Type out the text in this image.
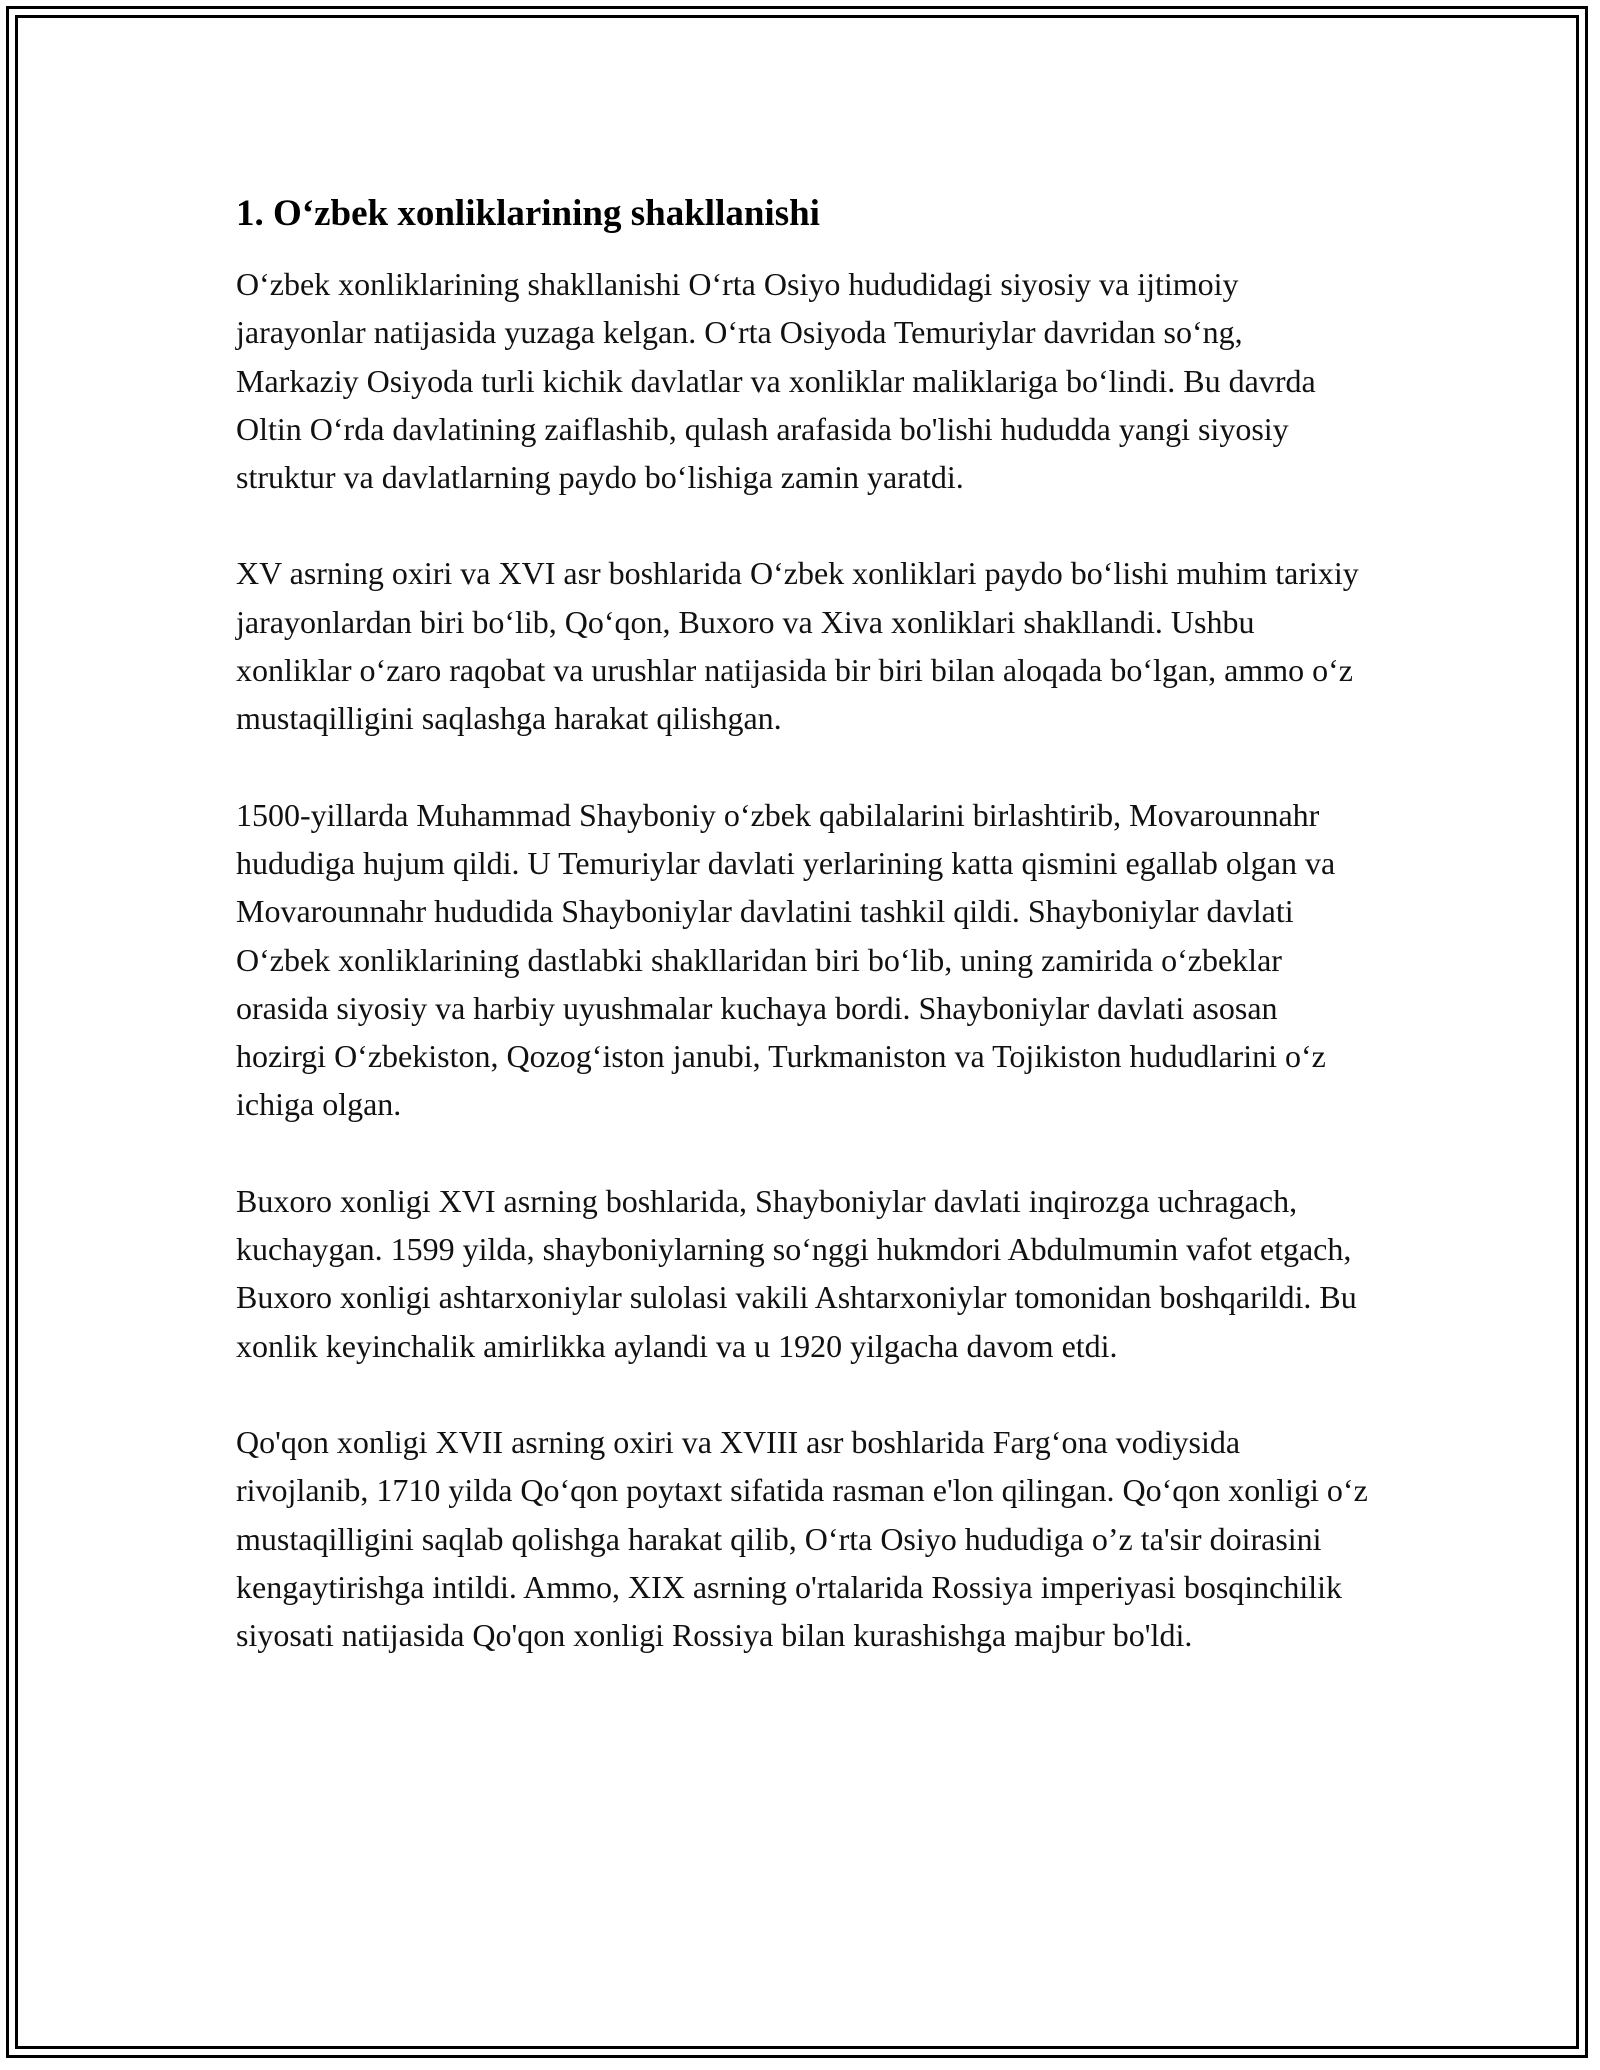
1. O‘zbek xonliklarining shakllanishi

O‘zbek xonliklarining shakllanishi O‘rta Osiyo hududidagi siyosiy va ijtimoiy jarayonlar natijasida yuzaga kelgan. O‘rta Osiyoda Temuriylar davridan so‘ng, Markaziy Osiyoda turli kichik davlatlar va xonliklar maliklariga bo‘lindi. Bu davrda Oltin O‘rda davlatining zaiflashib, qulash arafasida bo'lishi hududda yangi siyosiy struktur va davlatlarning paydo bo‘lishiga zamin yaratdi.

XV asrning oxiri va XVI asr boshlarida O‘zbek xonliklari paydo bo‘lishi muhim tarixiy jarayonlardan biri bo‘lib, Qo‘qon, Buxoro va Xiva xonliklari shakllandi. Ushbu xonliklar o‘zaro raqobat va urushlar natijasida bir biri bilan aloqada bo‘lgan, ammo o‘z mustaqilligini saqlashga harakat qilishgan.

1500-yillarda Muhammad Shayboniy o‘zbek qabilalarini birlashtirib, Movarounnahr hududiga hujum qildi. U Temuriylar davlati yerlarining katta qismini egallab olgan va Movarounnahr hududida Shayboniylar davlatini tashkil qildi. Shayboniylar davlati O‘zbek xonliklarining dastlabki shakllaridan biri bo‘lib, uning zamirida o‘zbeklar orasida siyosiy va harbiy uyushmalar kuchaya bordi. Shayboniylar davlati asosan hozirgi O‘zbekiston, Qozog‘iston janubi, Turkmaniston va Tojikiston hududlarini o‘z ichiga olgan.

Buxoro xonligi XVI asrning boshlarida, Shayboniylar davlati inqirozga uchragach, kuchaygan. 1599 yilda, shayboniylarning so‘nggi hukmdori Abdulmumin vafot etgach, Buxoro xonligi ashtarxoniylar sulolasi vakili Ashtarxoniylar tomonidan boshqarildi. Bu xonlik keyinchalik amirlikka aylandi va u 1920 yilgacha davom etdi.

Qo'qon xonligi XVII asrning oxiri va XVIII asr boshlarida Farg‘ona vodiysida rivojlanib, 1710 yilda Qo‘qon poytaxt sifatida rasman e'lon qilingan. Qo‘qon xonligi o‘z mustaqilligini saqlab qolishga harakat qilib, O‘rta Osiyo hududiga o’z ta'sir doirasini kengaytirishga intildi. Ammo, XIX asrning o'rtalarida Rossiya imperiyasi bosqinchilik siyosati natijasida Qo'qon xonligi Rossiya bilan kurashishga majbur bo'ldi.
